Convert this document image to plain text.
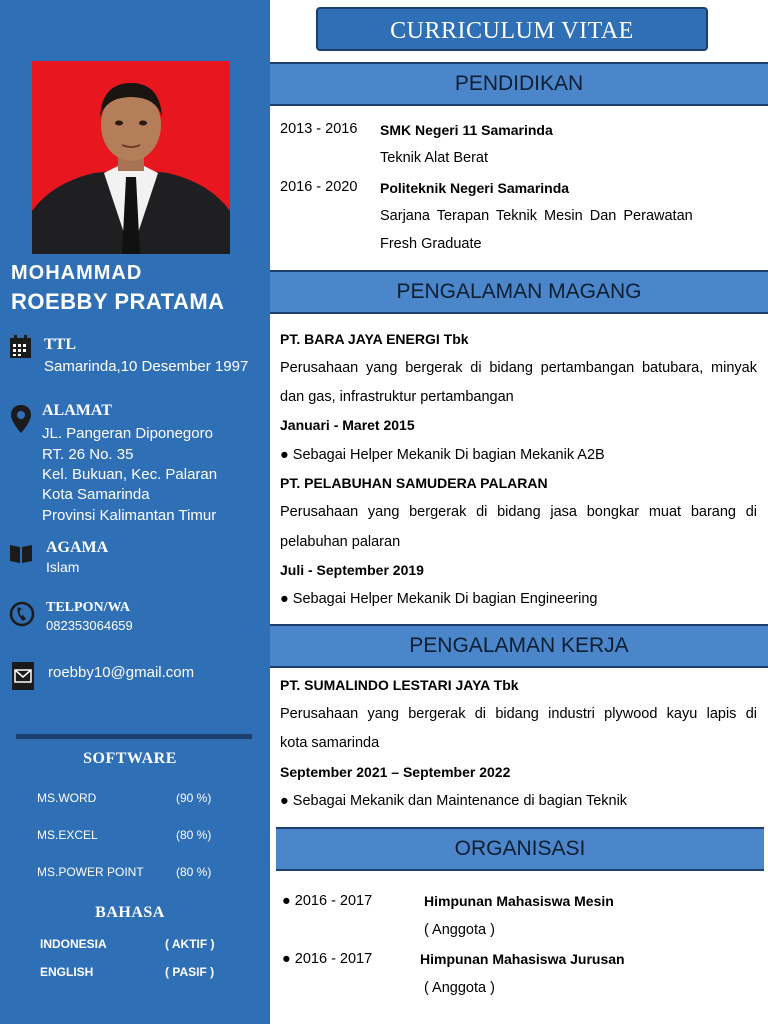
MOHAMMAD
ROEBBY PRATAMA
TTL
Samarinda,10 Desember 1997
ALAMAT
JL. Pangeran Diponegoro
RT. 26 No. 35
Kel. Bukuan, Kec. Palaran
Kota Samarinda
Provinsi Kalimantan Timur
AGAMA
Islam
TELPON/WA
082353064659
roebby10@gmail.com
SOFTWARE
MS.WORD	(90 %)
MS.EXCEL	(80 %)
MS.POWER POINT	(80 %)
BAHASA
INDONESIA	( AKTIF )
ENGLISH	( PASIF )
CURRICULUM VITAE
PENDIDIKAN
2013 - 2016 SMK Negeri 11 Samarinda
Teknik Alat Berat
2016 - 2020 Politeknik Negeri Samarinda
Sarjana Terapan Teknik Mesin Dan Perawatan
Fresh Graduate
PENGALAMAN MAGANG
PT. BARA JAYA ENERGI Tbk
Perusahaan yang bergerak di bidang pertambangan batubara, minyak
dan gas, infrastruktur pertambangan
Januari - Maret 2015
● Sebagai Helper Mekanik Di bagian Mekanik A2B
PT. PELABUHAN SAMUDERA PALARAN
Perusahaan yang bergerak di bidang jasa bongkar muat barang di
pelabuhan palaran
Juli - September 2019
● Sebagai Helper Mekanik Di bagian Engineering
PENGALAMAN KERJA
PT. SUMALINDO LESTARI JAYA Tbk
Perusahaan yang bergerak di bidang industri plywood kayu lapis di
kota samarinda
September 2021 – September 2022
● Sebagai Mekanik dan Maintenance di bagian Teknik
ORGANISASI
● 2016 - 2017	Himpunan Mahasiswa Mesin
( Anggota )
● 2016 - 2017	Himpunan Mahasiswa Jurusan
( Anggota )
